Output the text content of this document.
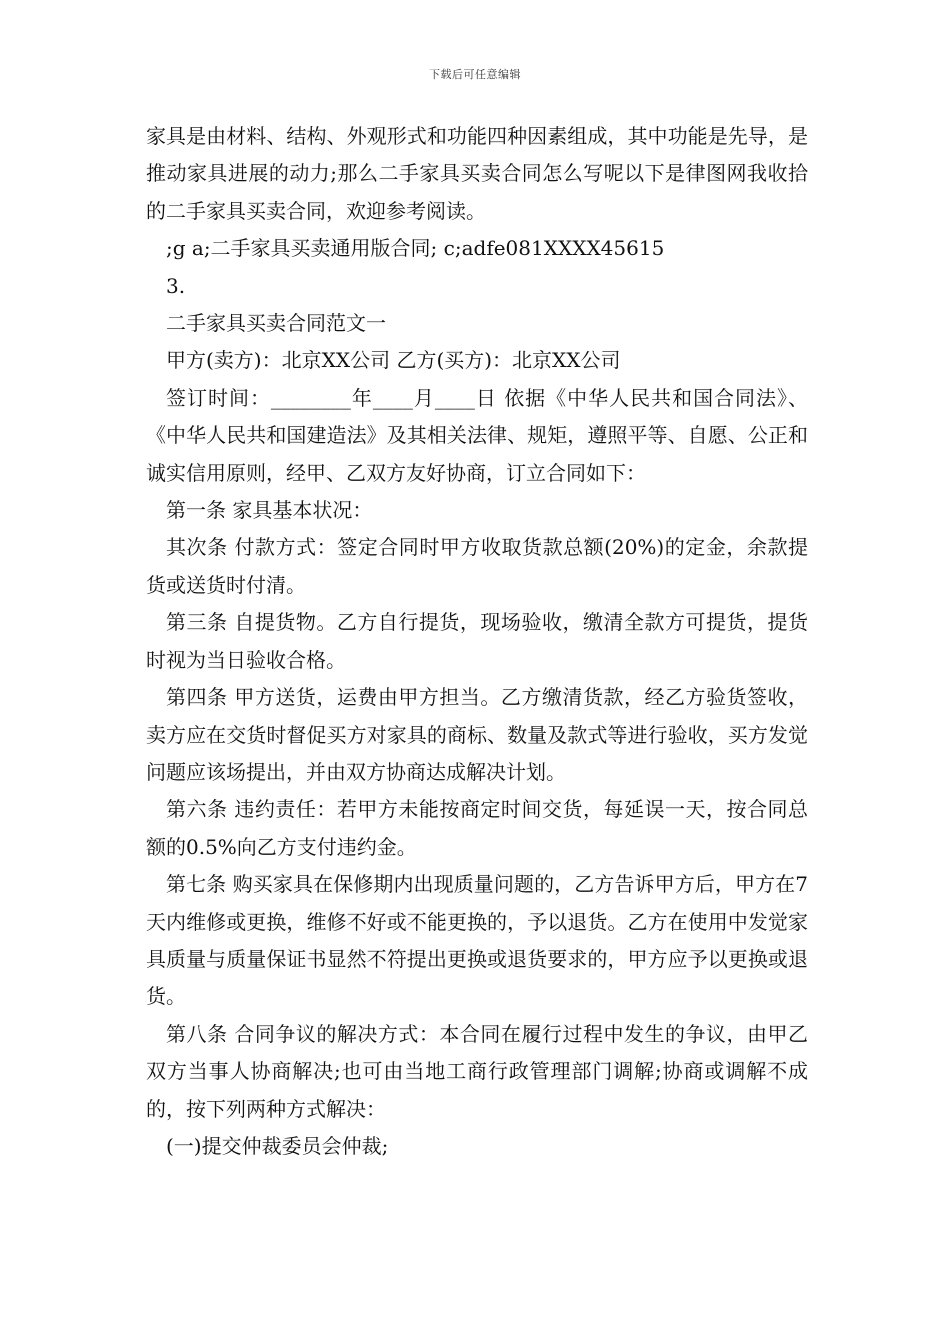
下载后可任意编辑

家具是由材料、结构、外观形式和功能四种因素组成，其中功能是先导，是推动家具进展的动力;那么二手家具买卖合同怎么写呢以下是律图网我收拾的二手家具买卖合同，欢迎参考阅读。

;g a;二手家具买卖通用版合同; c;adfe081XXXX45615

3.

二手家具买卖合同范文一

甲方(卖方)：北京XX公司 乙方(买方)：北京XX公司

签订时间：________年____月____日 依据《中华人民共和国合同法》、《中华人民共和国建造法》及其相关法律、规矩，遵照平等、自愿、公正和诚实信用原则，经甲、乙双方友好协商，订立合同如下：

第一条 家具基本状况：

其次条 付款方式：签定合同时甲方收取货款总额(20%)的定金，余款提货或送货时付清。

第三条 自提货物。乙方自行提货，现场验收，缴清全款方可提货，提货时视为当日验收合格。

第四条 甲方送货，运费由甲方担当。乙方缴清货款，经乙方验货签收，卖方应在交货时督促买方对家具的商标、数量及款式等进行验收，买方发觉问题应该场提出，并由双方协商达成解决计划。

第六条 违约责任：若甲方未能按商定时间交货，每延误一天，按合同总额的0.5%向乙方支付违约金。

第七条 购买家具在保修期内出现质量问题的，乙方告诉甲方后，甲方在7天内维修或更换，维修不好或不能更换的，予以退货。乙方在使用中发觉家具质量与质量保证书显然不符提出更换或退货要求的，甲方应予以更换或退货。

第八条 合同争议的解决方式：本合同在履行过程中发生的争议，由甲乙双方当事人协商解决;也可由当地工商行政管理部门调解;协商或调解不成的，按下列两种方式解决：

(一)提交仲裁委员会仲裁;
